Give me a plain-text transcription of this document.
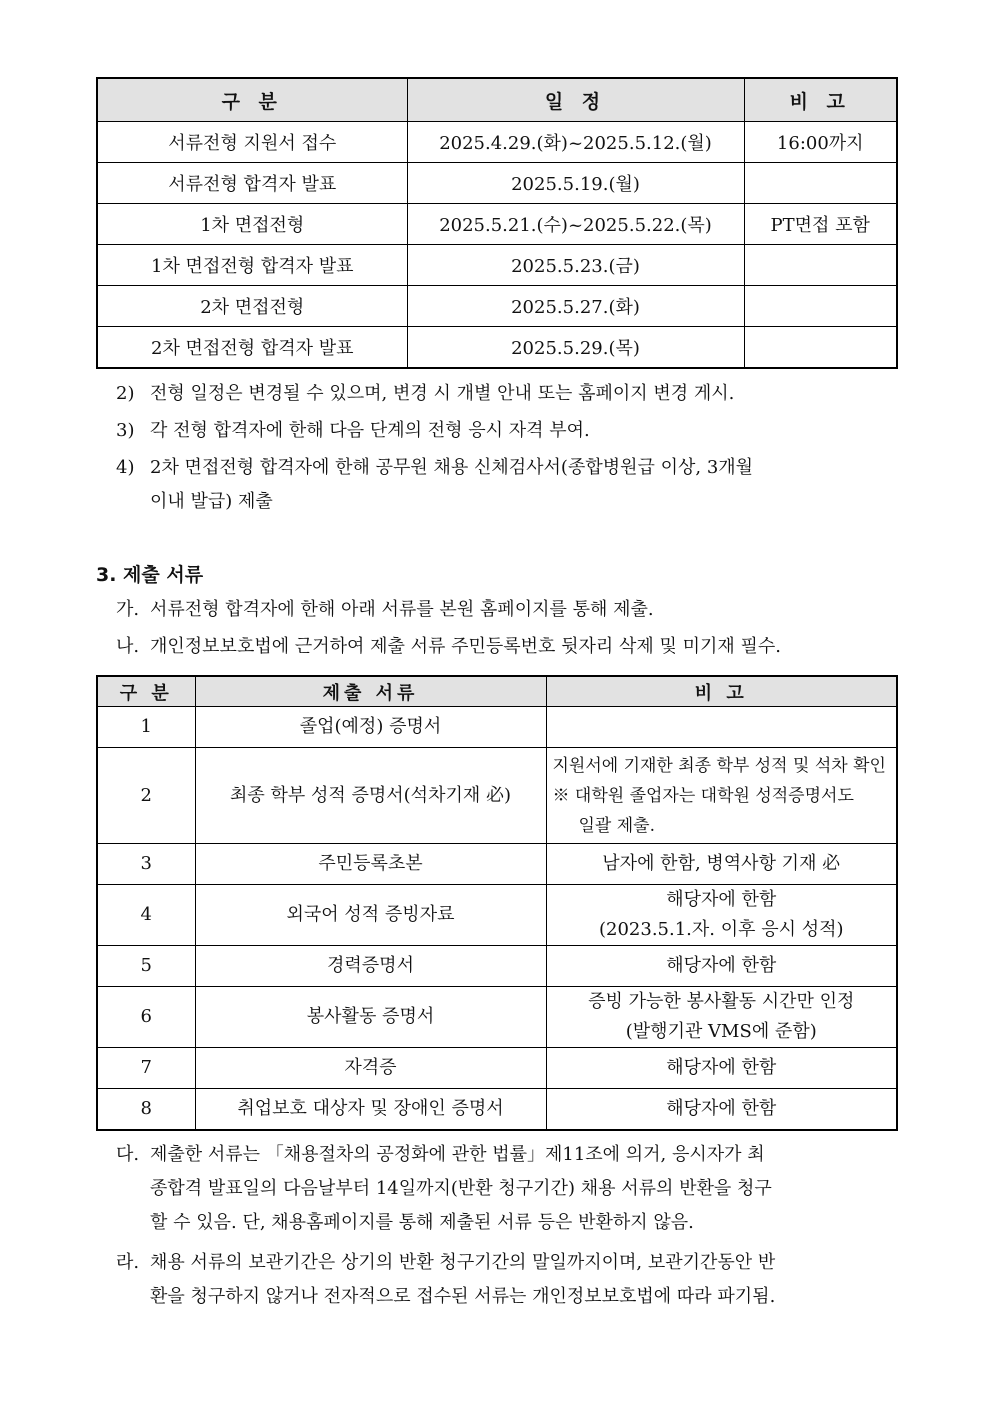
구 분	일 정	비 고
서류전형 지원서 접수	2025.4.29.(화)~2025.5.12.(월)	16:00까지
서류전형 합격자 발표	2025.5.19.(월)	
1차 면접전형	2025.5.21.(수)~2025.5.22.(목)	PT면접 포함
1차 면접전형 합격자 발표	2025.5.23.(금)	
2차 면접전형	2025.5.27.(화)	
2차 면접전형 합격자 발표	2025.5.29.(목)	
2) 전형 일정은 변경될 수 있으며, 변경 시 개별 안내 또는 홈페이지 변경 게시.
3) 각 전형 합격자에 한해 다음 단계의 전형 응시 자격 부여.
4) 2차 면접전형 합격자에 한해 공무원 채용 신체검사서(종합병원급 이상, 3개월
이내 발급) 제출
3. 제출 서류
가. 서류전형 합격자에 한해 아래 서류를 본원 홈페이지를 통해 제출.
나. 개인정보보호법에 근거하여 제출 서류 주민등록번호 뒷자리 삭제 및 미기재 필수.
구 분	제출 서류	비 고
1	졸업(예정) 증명서	
2	최종 학부 성적 증명서(석차기재 必)	지원서에 기재한 최종 학부 성적 및 석차 확인
※ 대학원 졸업자는 대학원 성적증명서도
일괄 제출.

3	주민등록초본	남자에 한함, 병역사항 기재 必
4	외국어 성적 증빙자료	해당자에 한함
(2023.5.1.자. 이후 응시 성적)

5	경력증명서	해당자에 한함
6	봉사활동 증명서	증빙 가능한 봉사활동 시간만 인정
(발행기관 VMS에 준함)

7	자격증	해당자에 한함
8	취업보호 대상자 및 장애인 증명서	해당자에 한함
다. 제출한 서류는 「채용절차의 공정화에 관한 법률」제11조에 의거, 응시자가 최
종합격 발표일의 다음날부터 14일까지(반환 청구기간) 채용 서류의 반환을 청구
할 수 있음. 단, 채용홈페이지를 통해 제출된 서류 등은 반환하지 않음.
라. 채용 서류의 보관기간은 상기의 반환 청구기간의 말일까지이며, 보관기간동안 반
환을 청구하지 않거나 전자적으로 접수된 서류는 개인정보보호법에 따라 파기됨.
